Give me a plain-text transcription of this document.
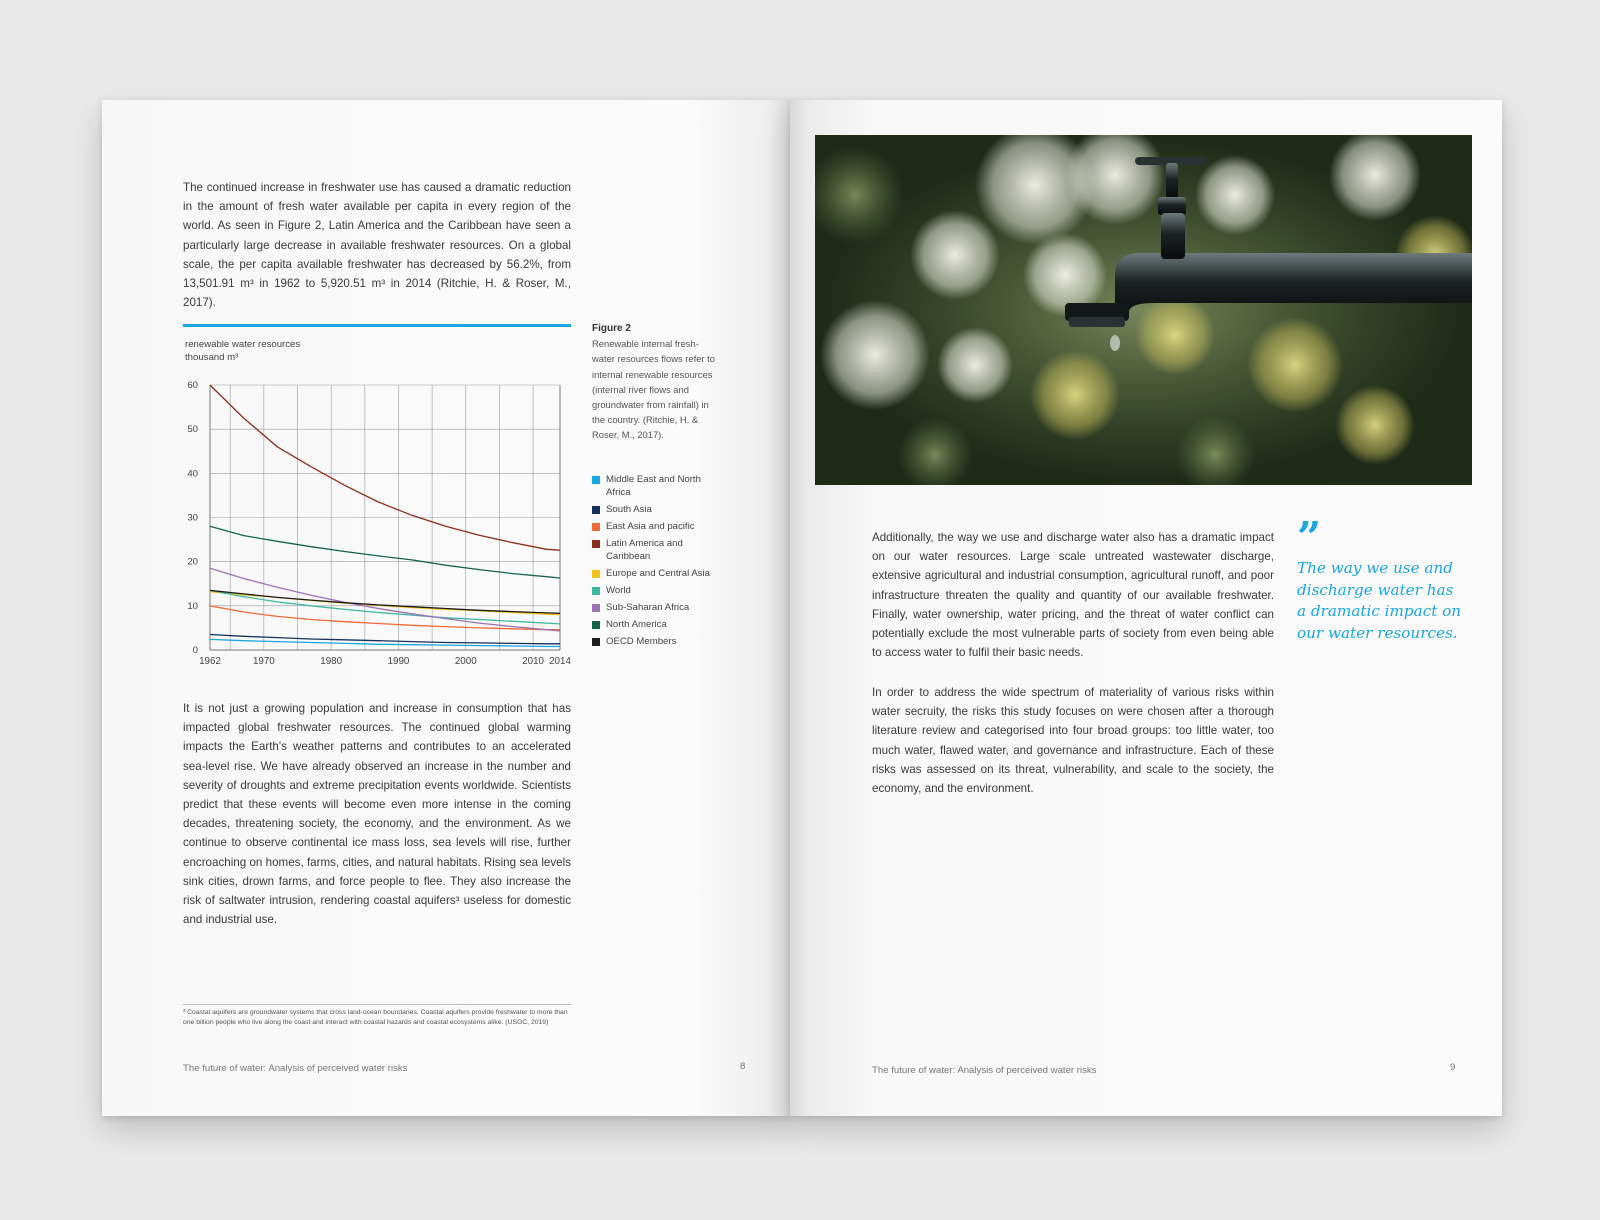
The continued increase in freshwater use has caused a dramatic reduction in the amount of fresh water available per capita in every region of the world. As seen in Figure 2, Latin America and the Caribbean have seen a particularly large decrease in available freshwater resources. On a global scale, the per capita available freshwater has decreased by 56.2%, from 13,501.91 m³ in 1962 to 5,920.51 m³ in 2014 (Ritchie, H. & Roser, M., 2017).

renewable water resources
thousand m³
0
10
20
30
40
50
60
1962	1970	1980	1990	2000	2010 2014
Figure 2
Renewable internal fresh-water resources flows refer to internal renewable resources (internal river flows and groundwater from rainfall) in the country. (Ritchie, H. & Roser, M., 2017).
Middle East and North Africa
South Asia
East Asia and pacific
Latin America and Caribbean
Europe and Central Asia
World
Sub-Saharan Africa
North America
OECD Members

It is not just a growing population and increase in consumption that has impacted global freshwater resources. The continued global warming impacts the Earth's weather patterns and contributes to an accelerated sea-level rise. We have already observed an increase in the number and severity of droughts and extreme precipitation events worldwide. Scientists predict that these events will become even more intense in the coming decades, threatening society, the economy, and the environment. As we continue to observe continental ice mass loss, sea levels will rise, further encroaching on homes, farms, cities, and natural habitats. Rising sea levels sink cities, drown farms, and force people to flee. They also increase the risk of saltwater intrusion, rendering coastal aquifers³ useless for domestic and industrial use.

³ Coastal aquifers are groundwater systems that cross land-ocean boundaries. Coastal aquifers provide freshwater to more than one billion people who live along the coast and interact with coastal hazards and coastal ecosystems alike. (USGC, 2019)
The future of water: Analysis of perceived water risks	8

Additionally, the way we use and discharge water also has a dramatic impact on our water resources. Large scale untreated wastewater discharge, extensive agricultural and industrial consumption, agricultural runoff, and poor infrastructure threaten the quality and quantity of our available freshwater. Finally, water ownership, water pricing, and the threat of water conflict can potentially exclude the most vulnerable parts of society from even being able to access water to fulfil their basic needs.

In order to address the wide spectrum of materiality of various risks within water secruity, the risks this study focuses on were chosen after a thorough literature review and categorised into four broad groups: too little water, too much water, flawed water, and governance and infrastructure. Each of these risks was assessed on its threat, vulnerability, and scale to the society, the economy, and the environment.

”

The way we use and discharge water has a dramatic impact on our water resources.

The future of water: Analysis of perceived water risks	9
